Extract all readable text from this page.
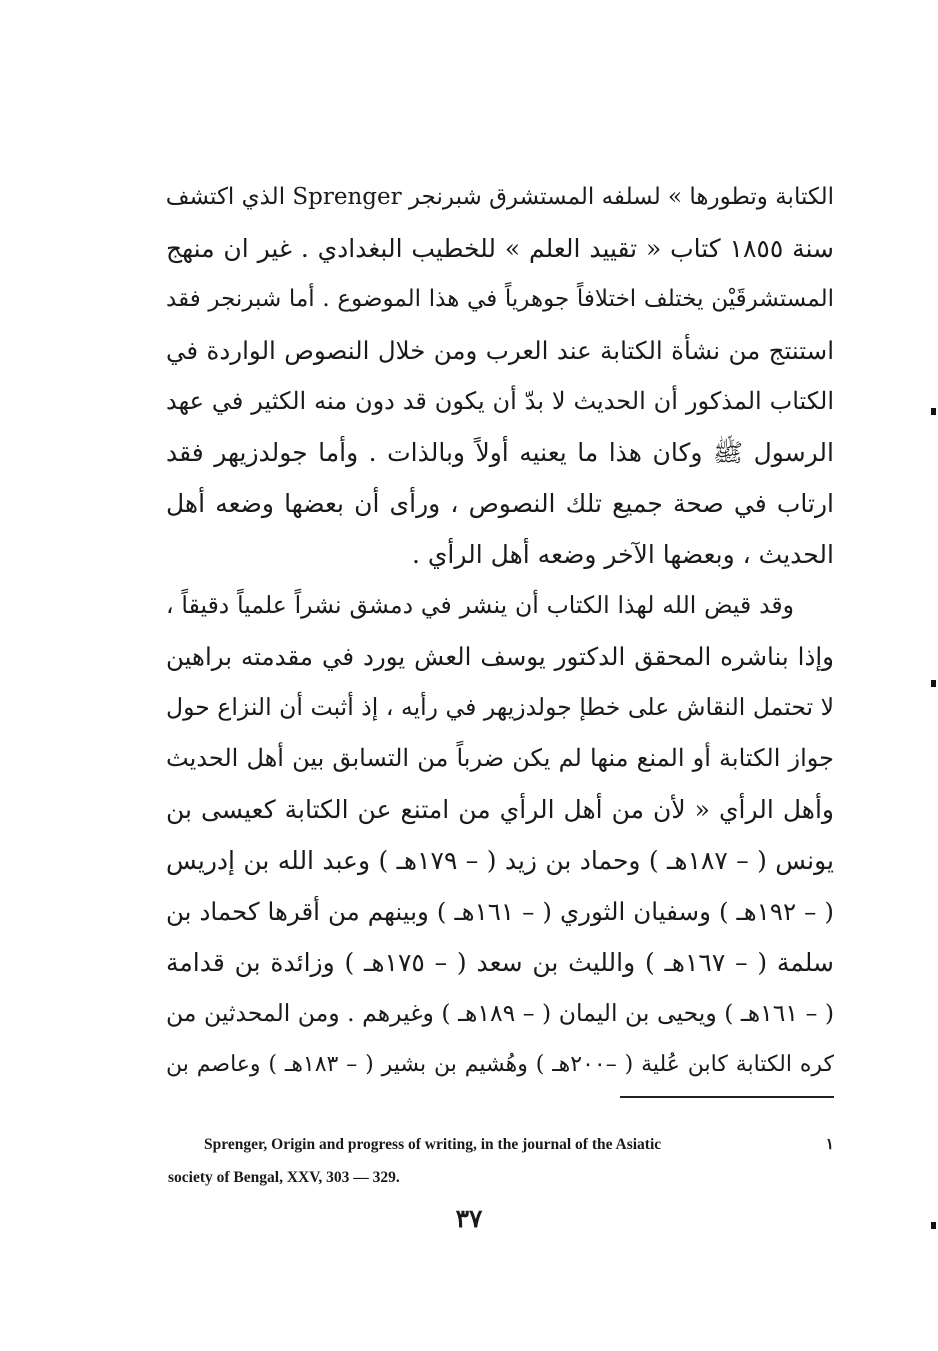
الكتابة وتطورها » لسلفه المستشرق شبرنجر Sprenger الذي اكتشف
سنة ١٨٥٥ كتاب « تقييد العلم » للخطيب البغدادي . غير ان منهج
المستشرقَيْن يختلف اختلافاً جوهرياً في هذا الموضوع . أما شبرنجر فقد
استنتج من نشأة الكتابة عند العرب ومن خلال النصوص الواردة في
الكتاب المذكور أن الحديث لا بدّ أن يكون قد دون منه الكثير في عهد
الرسول ﷺ وكان هذا ما يعنيه أولاً وبالذات . وأما جولدزيهر فقد
ارتاب في صحة جميع تلك النصوص ، ورأى أن بعضها وضعه أهل
الحديث ، وبعضها الآخر وضعه أهل الرأي .
وقد قيض الله لهذا الكتاب أن ينشر في دمشق نشراً علمياً دقيقاً ،
وإذا بناشره المحقق الدكتور يوسف العش يورد في مقدمته براهين
لا تحتمل النقاش على خطإ جولدزيهر في رأيه ، إذ أثبت أن النزاع حول
جواز الكتابة أو المنع منها لم يكن ضرباً من التسابق بين أهل الحديث
وأهل الرأي « لأن من أهل الرأي من امتنع عن الكتابة كعيسى بن
يونس ( – ١٨٧هـ ) وحماد بن زيد ( – ١٧٩هـ ) وعبد الله بن إدريس
( – ١٩٢هـ ) وسفيان الثوري ( – ١٦١هـ ) وبينهم من أقرها كحماد بن
سلمة ( – ١٦٧هـ ) والليث بن سعد ( – ١٧٥هـ ) وزائدة بن قدامة
( – ١٦١هـ ) ويحيى بن اليمان ( – ١٨٩هـ ) وغيرهم . ومن المحدثين من
كره الكتابة كابن عُلية ( –٢٠٠هـ ) وهُشيم بن بشير ( – ١٨٣هـ ) وعاصم بن
١
Sprenger, Origin and progress of writing, in the journal of the Asiatic
society of Bengal, XXV, 303 — 329.
٣٧
